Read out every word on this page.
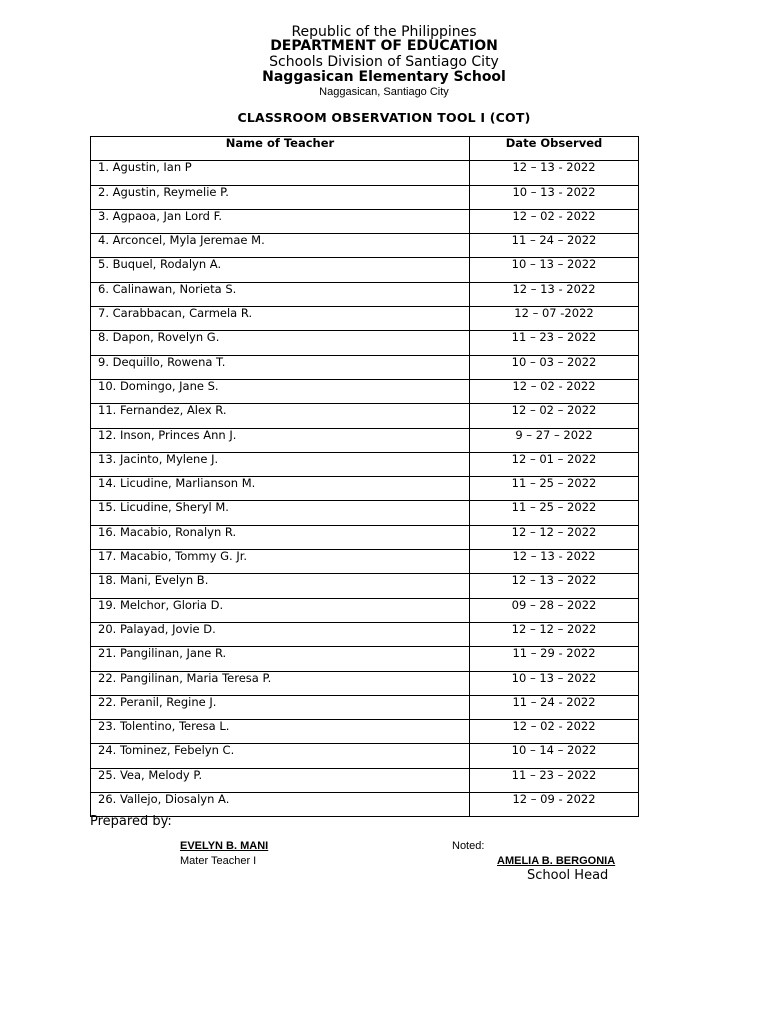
Republic of the Philippines
DEPARTMENT OF EDUCATION
Schools Division of Santiago City
Naggasican Elementary School
Naggasican, Santiago City
CLASSROOM OBSERVATION TOOL I (COT)
Name of Teacher	Date Observed
1. Agustin, Ian P	12 – 13 - 2022
2. Agustin, Reymelie P.	10 – 13 - 2022
3. Agpaoa, Jan Lord F.	12 – 02 - 2022
4. Arconcel, Myla Jeremae M.	11 – 24 – 2022
5. Buquel, Rodalyn A.	10 – 13 – 2022
6. Calinawan, Norieta S.	12 – 13 - 2022
7. Carabbacan, Carmela R.	12 – 07 -2022
8. Dapon, Rovelyn G.	11 – 23 – 2022
9. Dequillo, Rowena T.	10 – 03 – 2022
10. Domingo, Jane S.	12 – 02 - 2022
11. Fernandez, Alex R.	12 – 02 – 2022
12. Inson, Princes Ann J.	9 – 27 – 2022
13. Jacinto, Mylene J.	12 – 01 – 2022
14. Licudine, Marlianson M.	11 – 25 – 2022
15. Licudine, Sheryl M.	11 – 25 – 2022
16. Macabio, Ronalyn R.	12 – 12 – 2022
17. Macabio, Tommy G. Jr.	12 – 13 - 2022
18. Mani, Evelyn B.	12 – 13 – 2022
19. Melchor, Gloria D.	09 – 28 – 2022
20. Palayad, Jovie D.	12 – 12 – 2022
21. Pangilinan, Jane R.	11 – 29 - 2022
22. Pangilinan, Maria Teresa P.	10 – 13 – 2022
22. Peranil, Regine J.	11 – 24 - 2022
23. Tolentino, Teresa L.	12 – 02 - 2022
24. Tominez, Febelyn C.	10 – 14 – 2022
25. Vea, Melody P.	11 – 23 – 2022
26. Vallejo, Diosalyn A.	12 – 09 - 2022
Prepared by:
EVELYN B. MANI
Mater Teacher I
Noted:
AMELIA B. BERGONIA
School Head
